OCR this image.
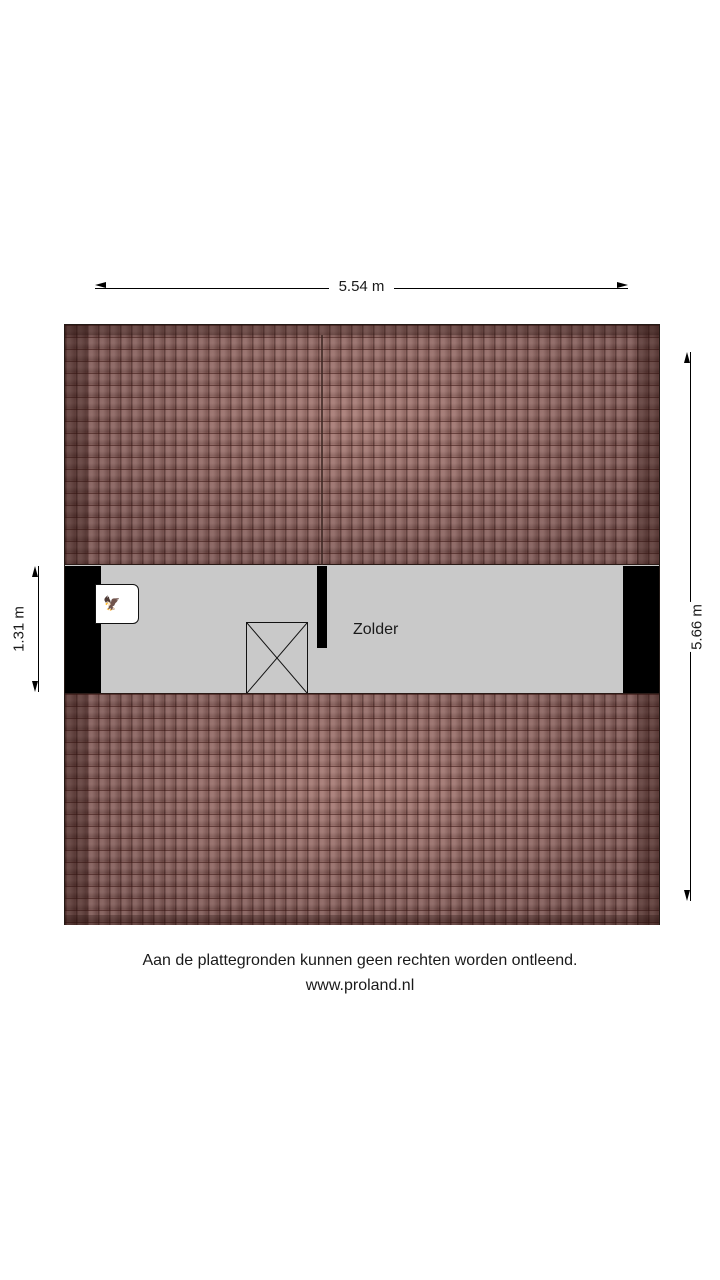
5.54 m
5.66 m
1.31 m
🦅
Zolder
Aan de plattegronden kunnen geen rechten worden ontleend.
www.proland.nl
